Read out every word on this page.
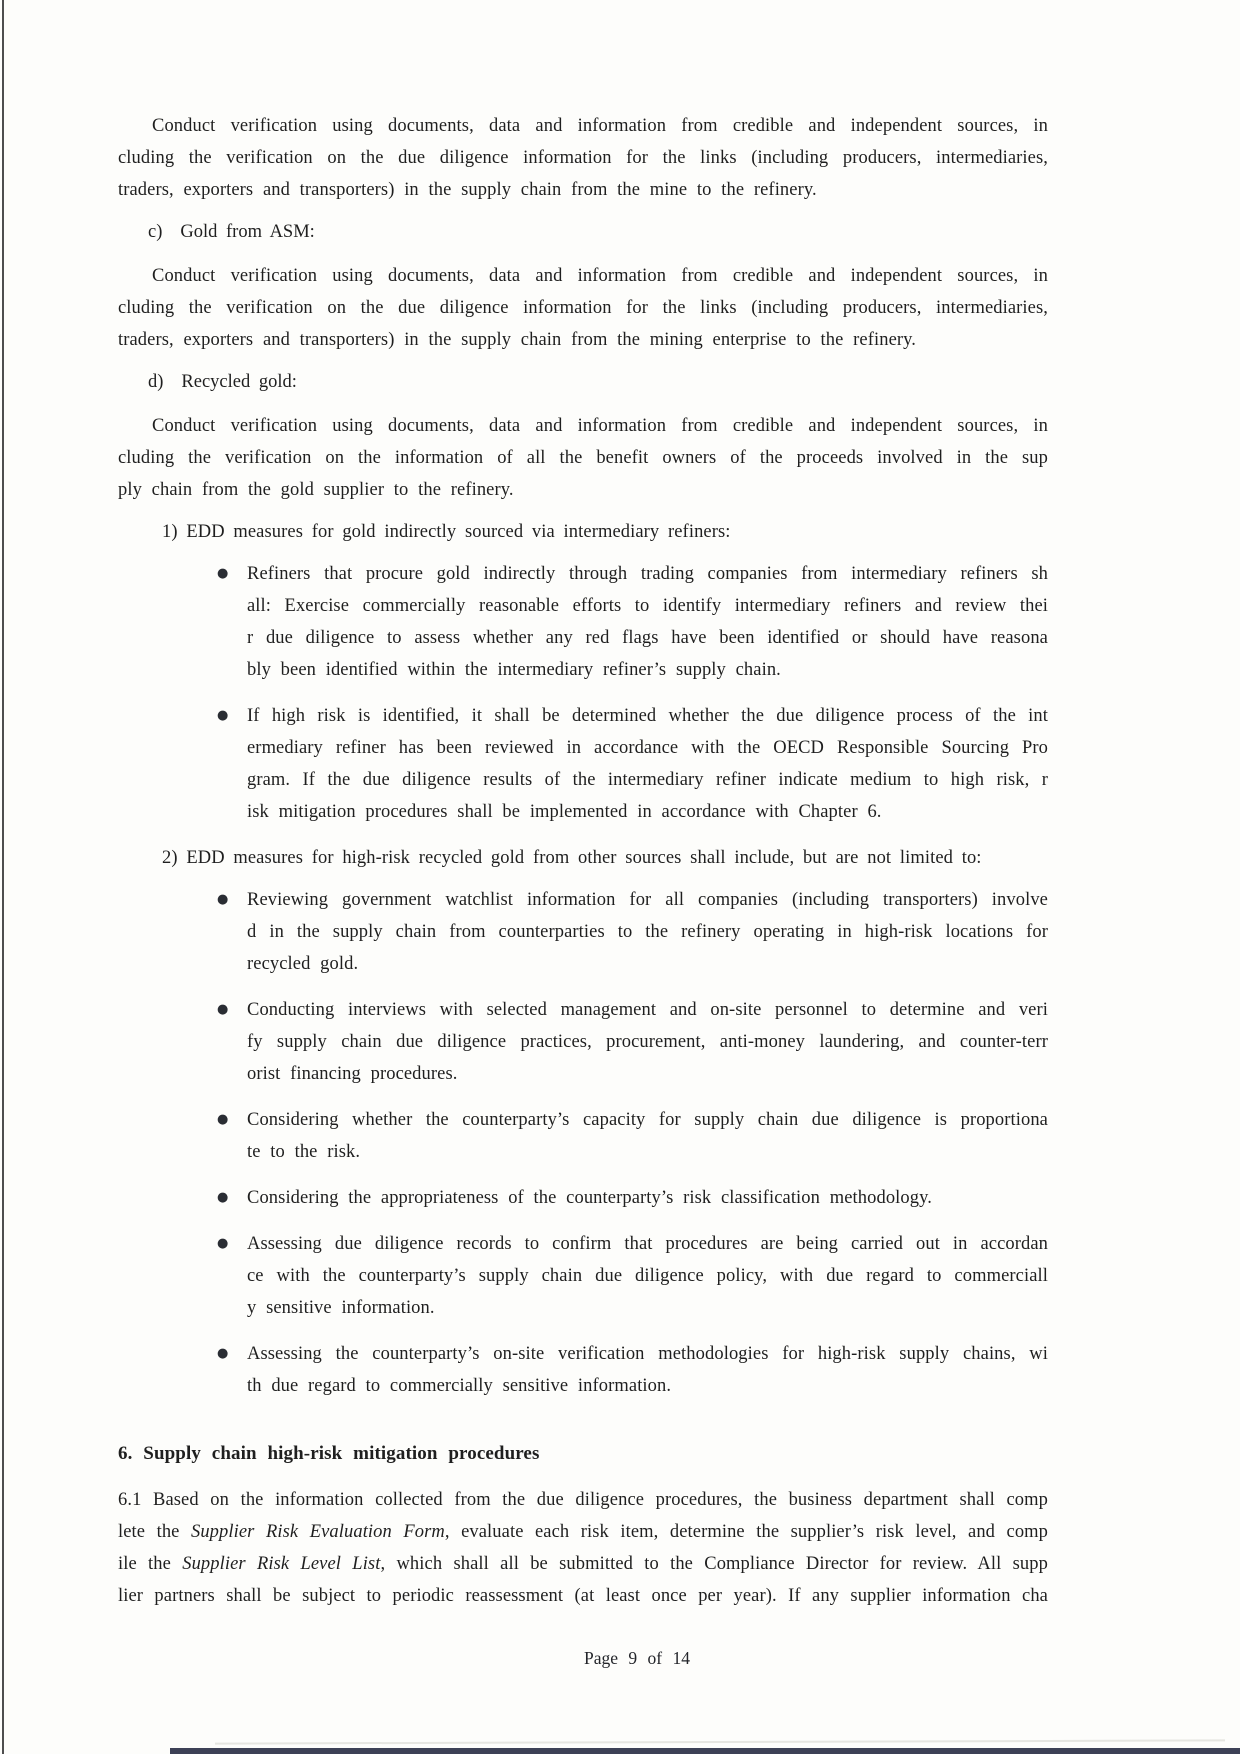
Conduct verification using documents, data and information from credible and independent sources, in
cluding the verification on the due diligence information for the links (including producers, intermediaries,
traders, exporters and transporters) in the supply chain from the mine to the refinery.
c) Gold from ASM:
Conduct verification using documents, data and information from credible and independent sources, in
cluding the verification on the due diligence information for the links (including producers, intermediaries,
traders, exporters and transporters) in the supply chain from the mining enterprise to the refinery.
d) Recycled gold:
Conduct verification using documents, data and information from credible and independent sources, in
cluding the verification on the information of all the benefit owners of the proceeds involved in the sup
ply chain from the gold supplier to the refinery.
1) EDD measures for gold indirectly sourced via intermediary refiners:
●	Refiners that procure gold indirectly through trading companies from intermediary refiners sh
all: Exercise commercially reasonable efforts to identify intermediary refiners and review thei
r due diligence to assess whether any red flags have been identified or should have reasona
bly been identified within the intermediary refiner’s supply chain.
●	If high risk is identified, it shall be determined whether the due diligence process of the int
ermediary refiner has been reviewed in accordance with the OECD Responsible Sourcing Pro
gram. If the due diligence results of the intermediary refiner indicate medium to high risk, r
isk mitigation procedures shall be implemented in accordance with Chapter 6.
2) EDD measures for high-risk recycled gold from other sources shall include, but are not limited to:
●	Reviewing government watchlist information for all companies (including transporters) involve
d in the supply chain from counterparties to the refinery operating in high-risk locations for
recycled gold.
●	Conducting interviews with selected management and on-site personnel to determine and veri
fy supply chain due diligence practices, procurement, anti-money laundering, and counter-terr
orist financing procedures.
●	Considering whether the counterparty’s capacity for supply chain due diligence is proportiona
te to the risk.
●	Considering the appropriateness of the counterparty’s risk classification methodology.
●	Assessing due diligence records to confirm that procedures are being carried out in accordan
ce with the counterparty’s supply chain due diligence policy, with due regard to commerciall
y sensitive information.
●	Assessing the counterparty’s on-site verification methodologies for high-risk supply chains, wi
th due regard to commercially sensitive information.
6. Supply chain high-risk mitigation procedures
6.1 Based on the information collected from the due diligence procedures, the business department shall comp
lete the Supplier Risk Evaluation Form, evaluate each risk item, determine the supplier’s risk level, and comp
ile the Supplier Risk Level List, which shall all be submitted to the Compliance Director for review. All supp
lier partners shall be subject to periodic reassessment (at least once per year). If any supplier information cha
Page 9 of 14
